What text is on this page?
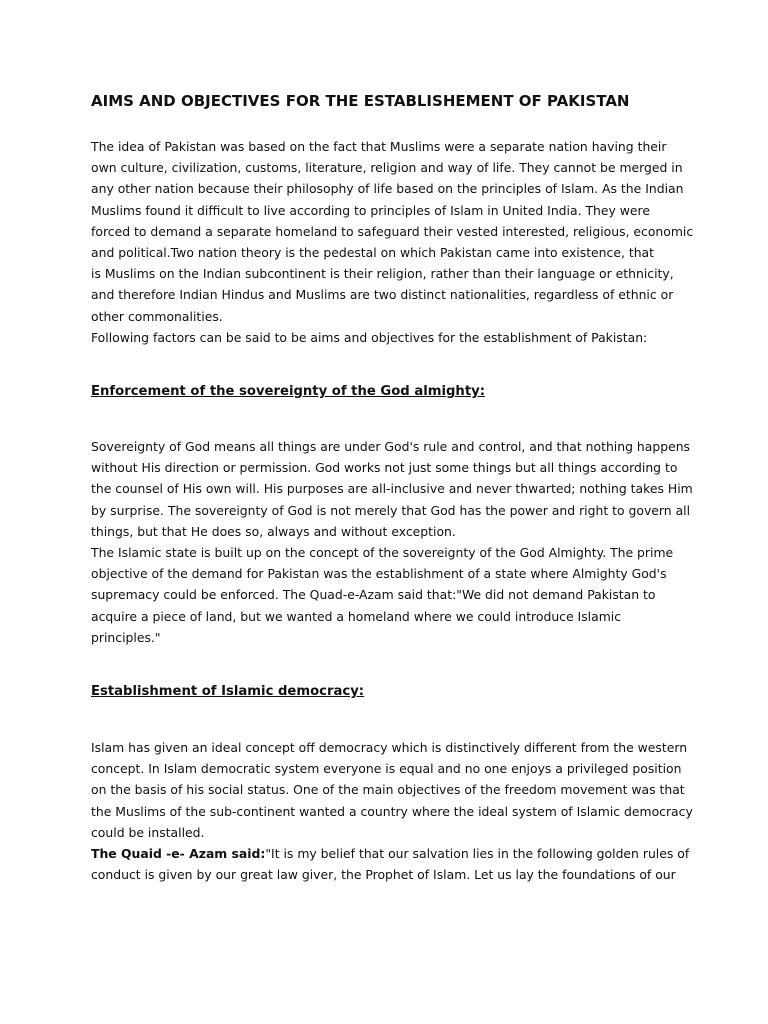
AIMS AND OBJECTIVES FOR THE ESTABLISHEMENT OF PAKISTAN
The idea of Pakistan was based on the fact that Muslims were a separate nation having their
own culture, civilization, customs, literature, religion and way of life. They cannot be merged in
any other nation because their philosophy of life based on the principles of Islam. As the Indian
Muslims found it difficult to live according to principles of Islam in United India. They were
forced to demand a separate homeland to safeguard their vested interested, religious, economic
and political.Two nation theory is the pedestal on which Pakistan came into existence, that
is Muslims on the Indian subcontinent is their religion, rather than their language or ethnicity,
and therefore Indian Hindus and Muslims are two distinct nationalities, regardless of ethnic or
other commonalities.
Following factors can be said to be aims and objectives for the establishment of Pakistan:
Enforcement of the sovereignty of the God almighty:
Sovereignty of God means all things are under God's rule and control, and that nothing happens
without His direction or permission. God works not just some things but all things according to
the counsel of His own will. His purposes are all-inclusive and never thwarted; nothing takes Him
by surprise. The sovereignty of God is not merely that God has the power and right to govern all
things, but that He does so, always and without exception.
The Islamic state is built up on the concept of the sovereignty of the God Almighty. The prime
objective of the demand for Pakistan was the establishment of a state where Almighty God's
supremacy could be enforced. The Quad-e-Azam said that:"We did not demand Pakistan to
acquire a piece of land, but we wanted a homeland where we could introduce Islamic
principles."
Establishment of Islamic democracy:
Islam has given an ideal concept off democracy which is distinctively different from the western
concept. In Islam democratic system everyone is equal and no one enjoys a privileged position
on the basis of his social status. One of the main objectives of the freedom movement was that
the Muslims of the sub-continent wanted a country where the ideal system of Islamic democracy
could be installed.
The Quaid -e- Azam said:"It is my belief that our salvation lies in the following golden rules of
conduct is given by our great law giver, the Prophet of Islam. Let us lay the foundations of our
